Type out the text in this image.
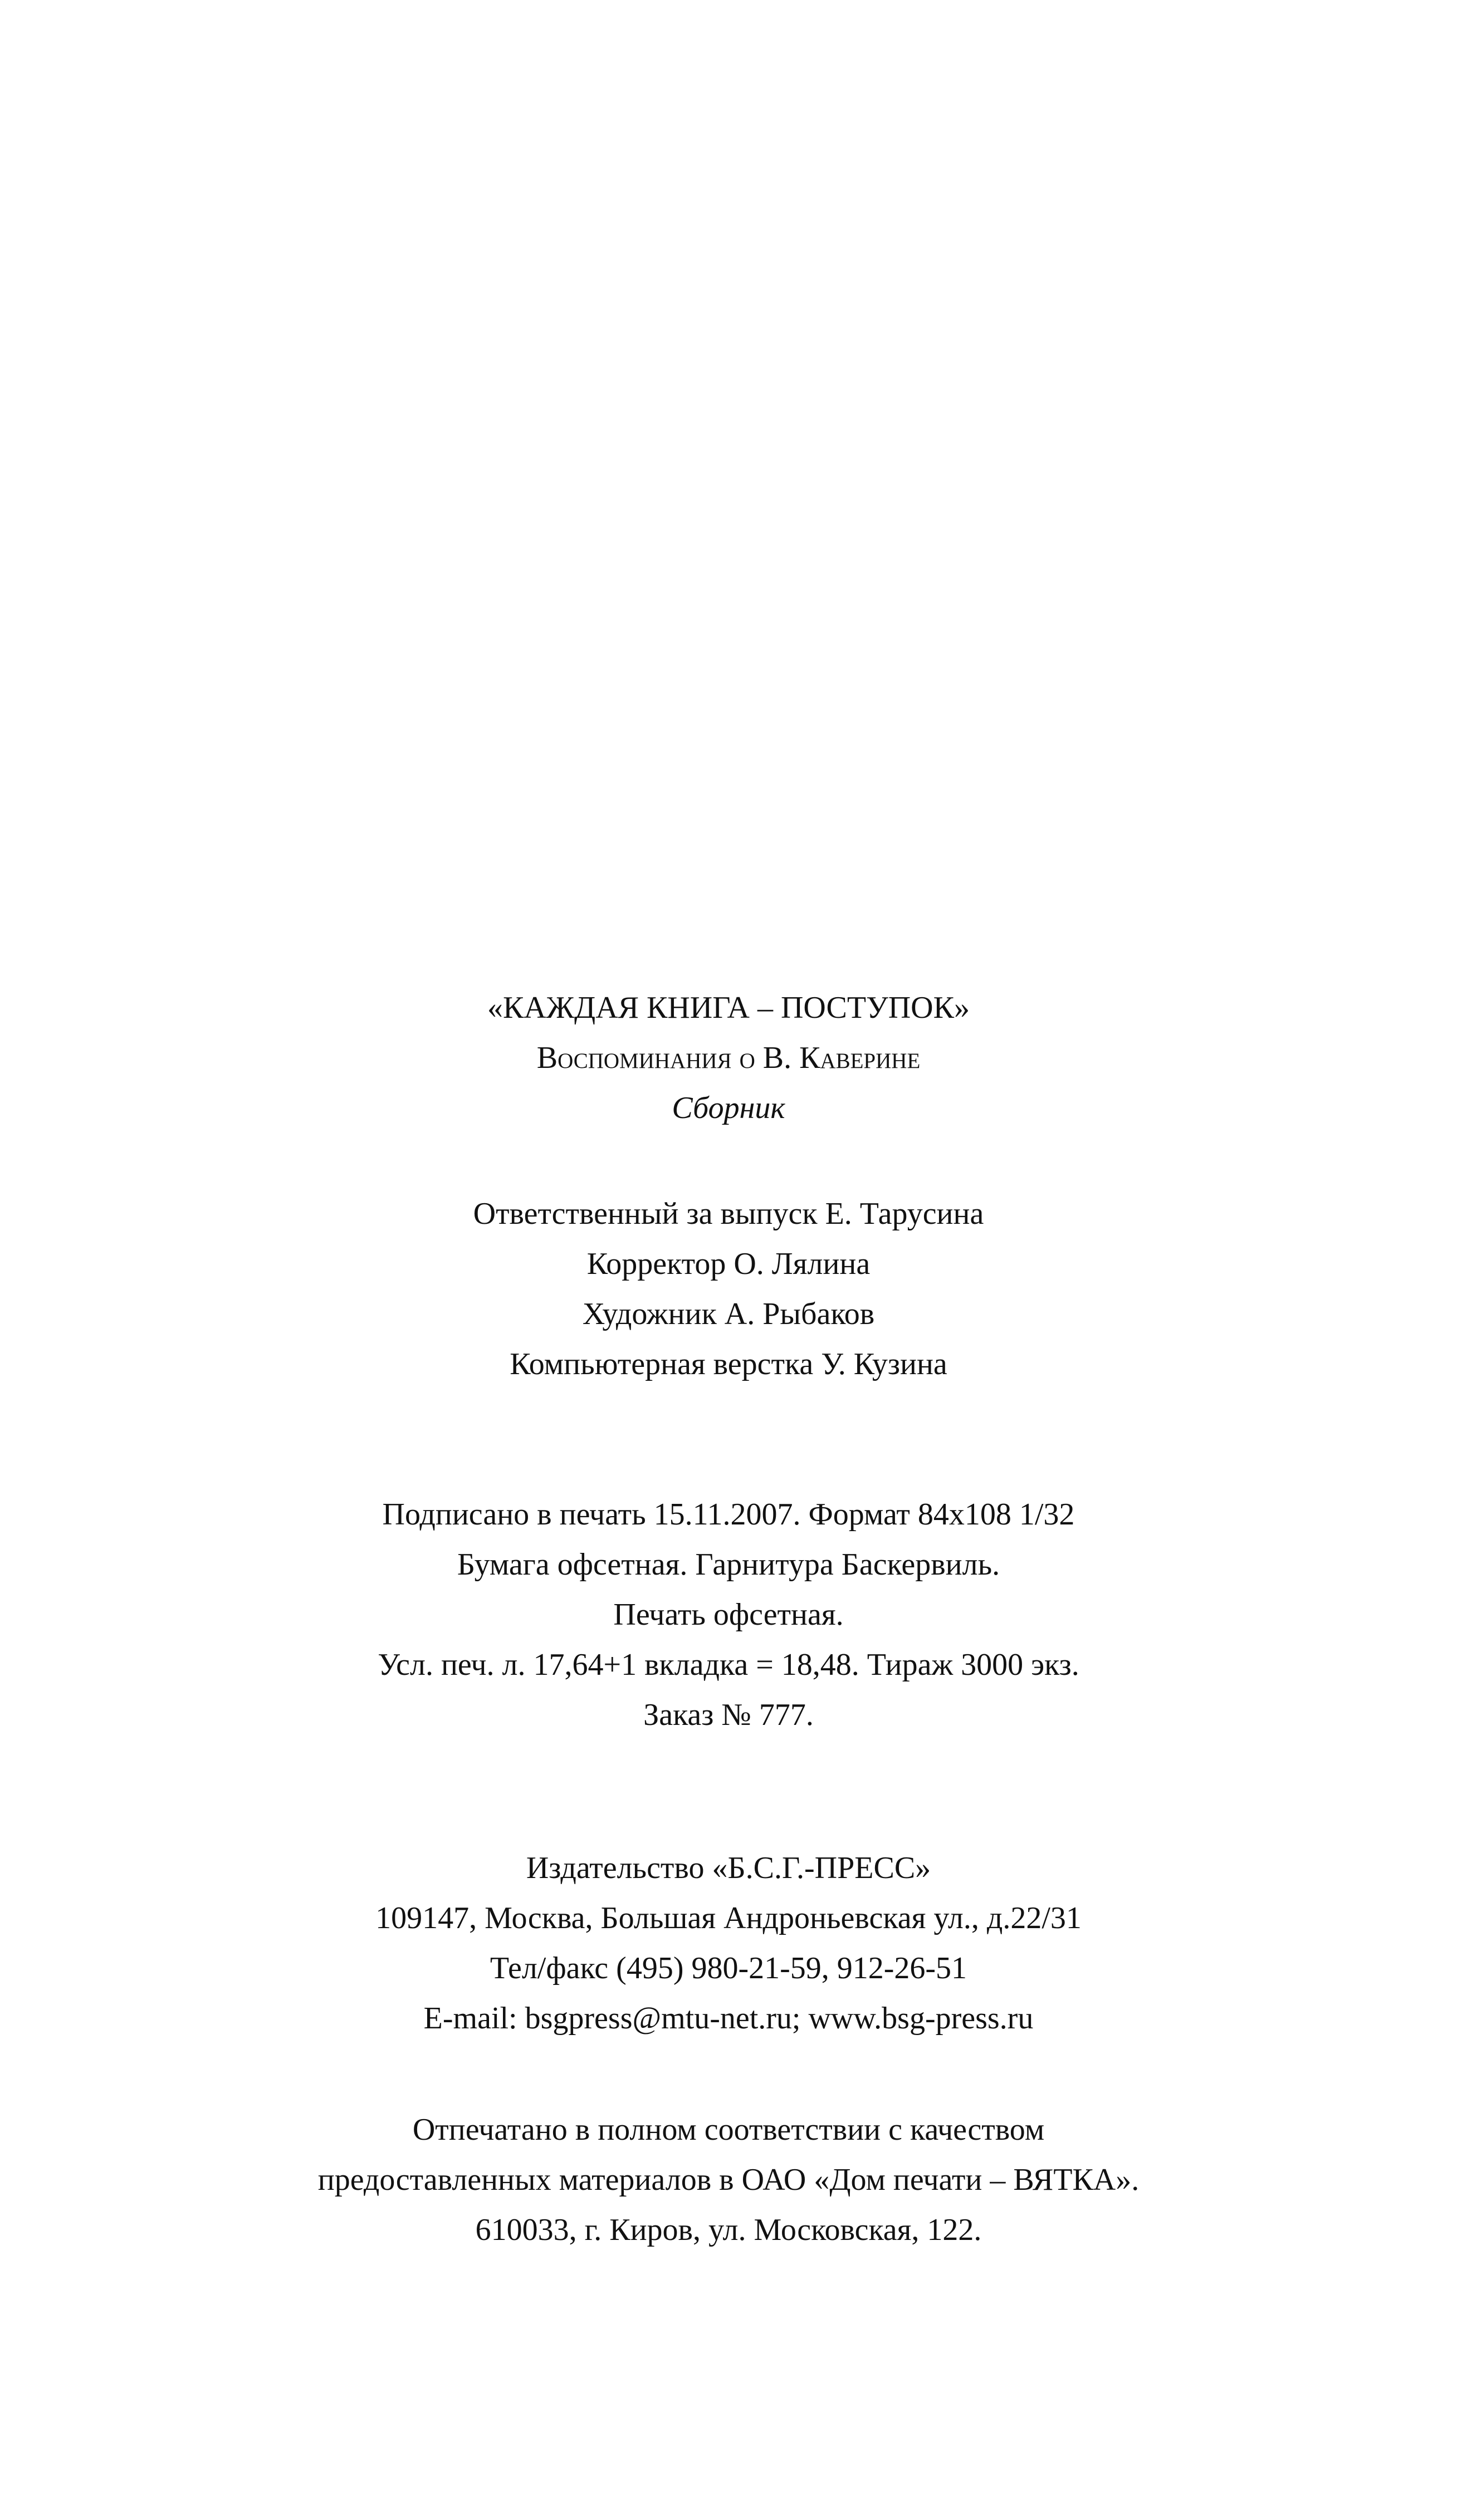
«КАЖДАЯ КНИГА – ПОСТУПОК»
Воспоминания о В. Каверине
Сборник
Ответственный за выпуск Е. Тарусина
Корректор О. Лялина
Художник А. Рыбаков
Компьютерная верстка У. Кузина
Подписано в печать 15.11.2007. Формат 84x108 1/32
Бумага офсетная. Гарнитура Баскервиль.
Печать офсетная.
Усл. печ. л. 17,64+1 вкладка = 18,48. Тираж 3000 экз.
Заказ № 777.
Издательство «Б.С.Г.-ПРЕСС»
109147, Москва, Большая Андроньевская ул., д.22/31
Тел/факс (495) 980-21-59, 912-26-51
E-mail: bsgpress@mtu-net.ru; www.bsg-press.ru
Отпечатано в полном соответствии с качеством
предоставленных материалов в ОАО «Дом печати – ВЯТКА».
610033, г. Киров, ул. Московская, 122.
